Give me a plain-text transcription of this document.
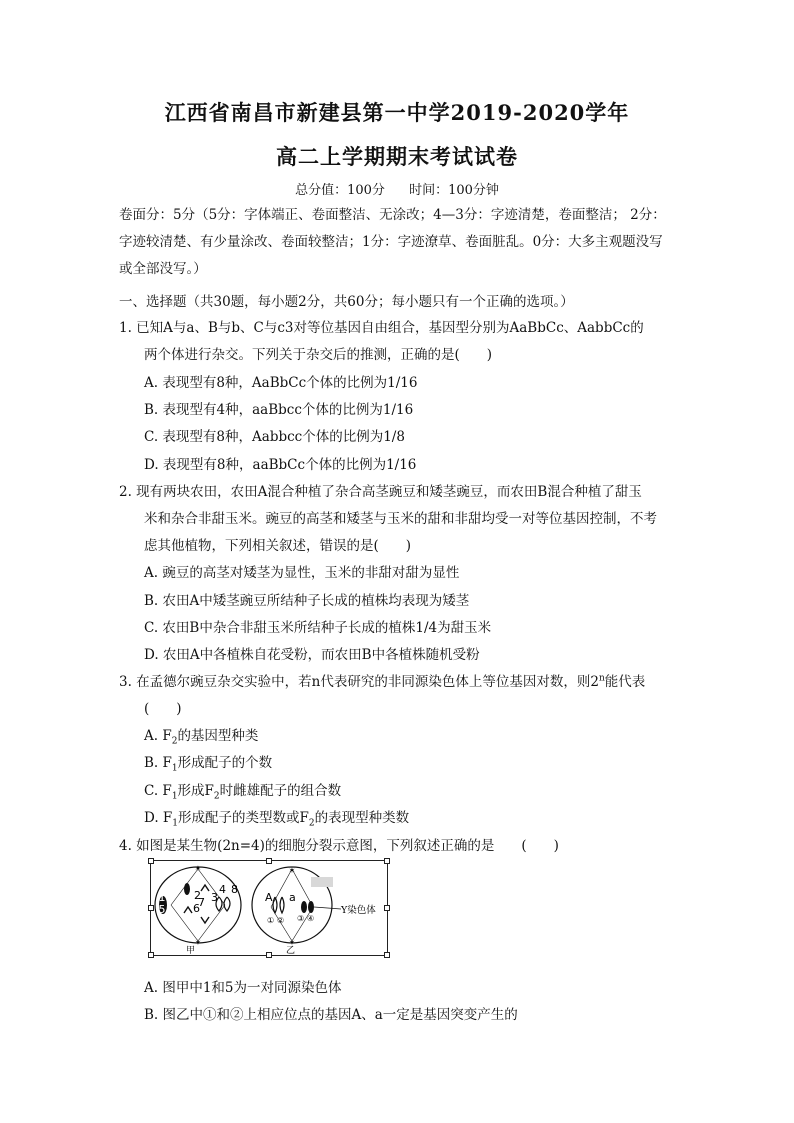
江西省南昌市新建县第一中学2019-2020学年
高二上学期期末考试试卷
总分值：100分 时间：100分钟
卷面分：5分（5分：字体端正、卷面整洁、无涂改；4—3分：字迹清楚，卷面整洁； 2分：字迹较清楚、有少量涂改、卷面较整洁；1分：字迹潦草、卷面脏乱。0分：大多主观题没写或全部没写。）
一、选择题（共30题，每小题2分，共60分；每小题只有一个正确的选项。）
1. 已知A与a、B与b、C与c3对等位基因自由组合，基因型分别为AaBbCc、AabbCc的
两个体进行杂交。下列关于杂交后的推测，正确的是(　　)
A. 表现型有8种，AaBbCc个体的比例为1/16
B. 表现型有4种，aaBbcc个体的比例为1/16
C. 表现型有8种，Aabbcc个体的比例为1/8
D. 表现型有8种，aaBbCc个体的比例为1/16
2. 现有两块农田，农田A混合种植了杂合高茎豌豆和矮茎豌豆，而农田B混合种植了甜玉
米和杂合非甜玉米。豌豆的高茎和矮茎与玉米的甜和非甜均受一对等位基因控制，不考
虑其他植物，下列相关叙述，错误的是(　　)
A. 豌豆的高茎对矮茎为显性，玉米的非甜对甜为显性
B. 农田A中矮茎豌豆所结种子长成的植株均表现为矮茎
C. 农田B中杂合非甜玉米所结种子长成的植株1/4为甜玉米
D. 农田A中各植株自花受粉，而农田B中各植株随机受粉
3. 在孟德尔豌豆杂交实验中，若n代表研究的非同源染色体上等位基因对数，则2$^n$能代表
(　　)
A. $F_2$的基因型种类
B. $F_1$形成配子的个数
C. $F_1$形成$F_2$时雌雄配子的组合数
D. $F_1$形成配子的类型数或$F_2$的表现型种类数
4. 如图是某生物(2n=4)的细胞分裂示意图，下列叙述正确的是　　(　　)
✶
✶
1
5
2
6
7 3
4 8
甲
✶
✶
A a
① ② ③ ④
Y染色体
乙
A. 图甲中1和5为一对同源染色体
B. 图乙中①和②上相应位点的基因A、a一定是基因突变产生的
